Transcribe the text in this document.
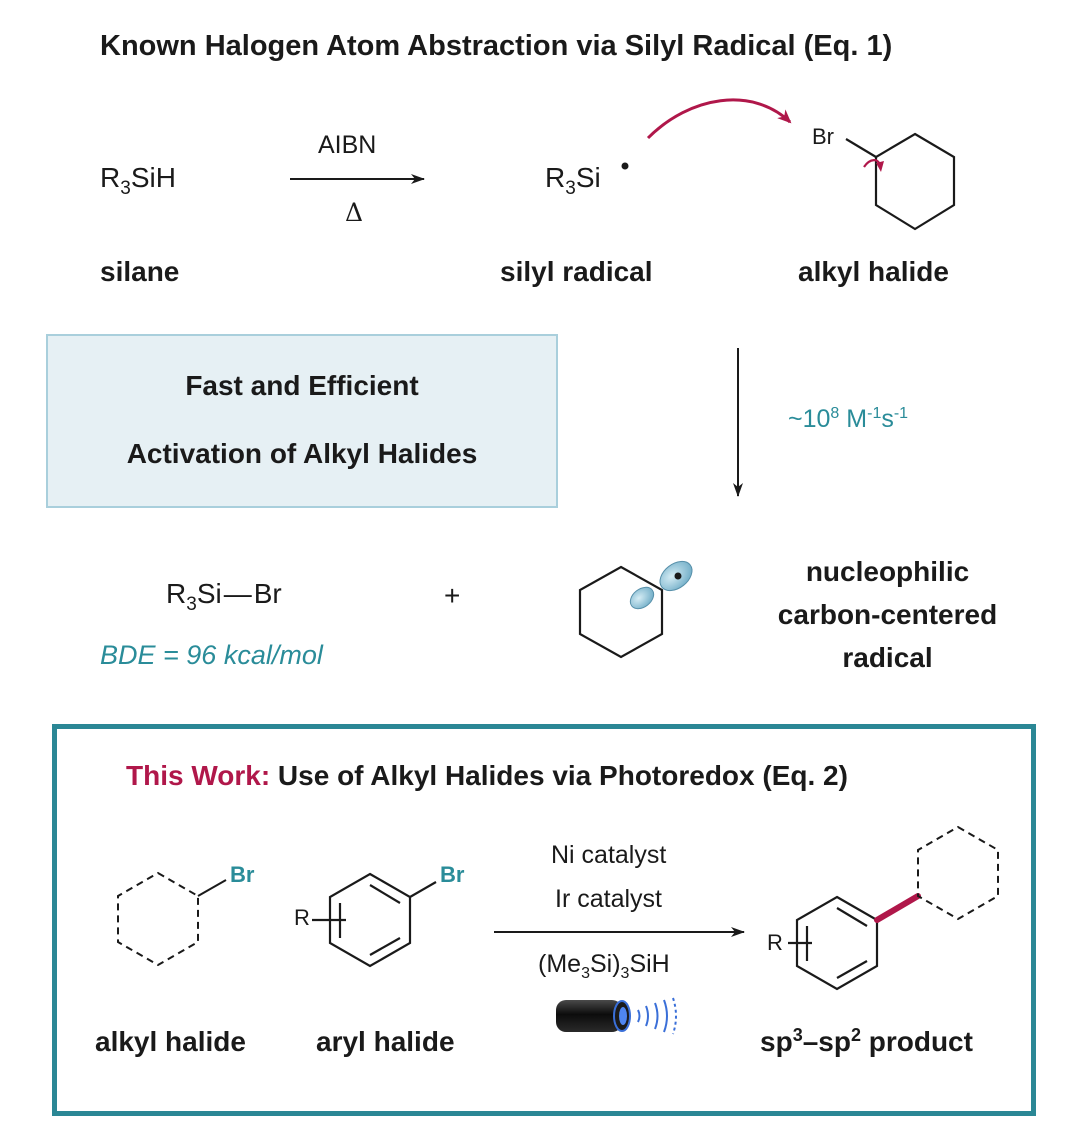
Known Halogen Atom Abstraction via Silyl Radical (Eq. 1)
$R_3SiH$
silane
AIBN
Δ
$R_3Si$
silyl radical
Br
alkyl halide
Fast and Efficient
Activation of Alkyl Halides
$\sim 10^8$ $M^{-1}s^{-1}$
$R_3Si—Br$
BDE = 96 kcal/mol
+
nucleophilic
carbon-centered
radical
This Work: Use of Alkyl Halides via Photoredox (Eq. 2)
Br	Br
R
alkyl halide	aryl halide
Ni catalyst
Ir catalyst
$(Me_3Si)_3SiH$
R
$sp^3-sp^2$ product
